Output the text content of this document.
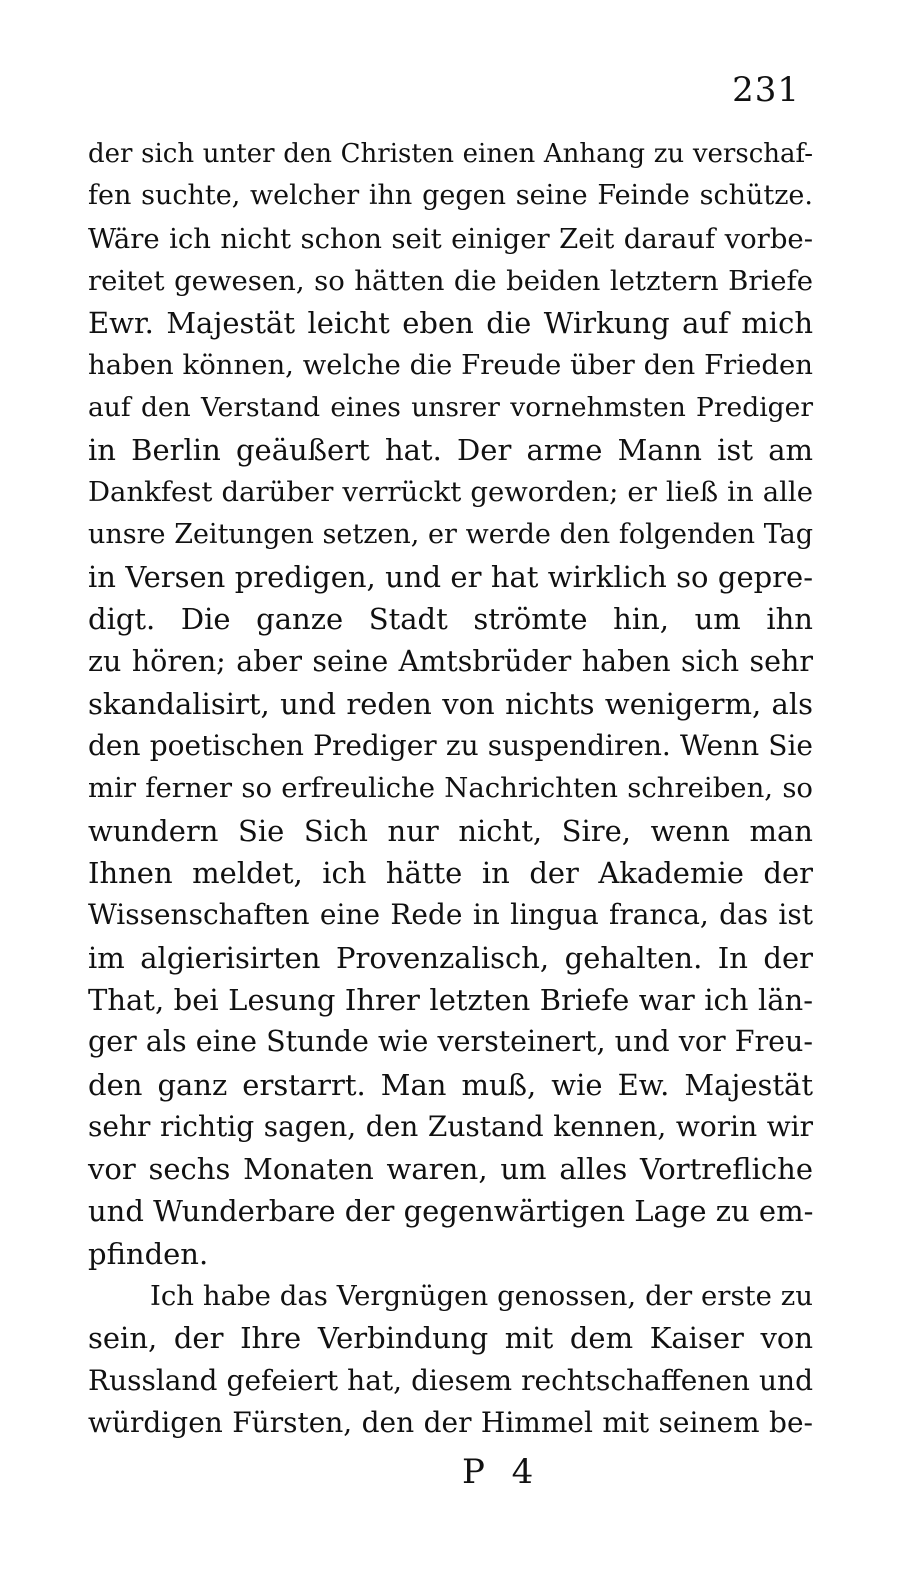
231
der sich unter den Christen einen Anhang zu verschaf-
fen suchte, welcher ihn gegen seine Feinde schütze.
Wäre ich nicht schon seit einiger Zeit darauf vorbe-
reitet gewesen, so hätten die beiden letztern Briefe
Ewr. Majestät leicht eben die Wirkung auf mich
haben können, welche die Freude über den Frieden
auf den Verstand eines unsrer vornehmsten Prediger
in Berlin geäußert hat. Der arme Mann ist am
Dankfest darüber verrückt geworden; er ließ in alle
unsre Zeitungen setzen, er werde den folgenden Tag
in Versen predigen, und er hat wirklich so gepre-
digt. Die ganze Stadt strömte hin, um ihn
zu hören; aber seine Amtsbrüder haben sich sehr
skandalisirt, und reden von nichts wenigerm, als
den poetischen Prediger zu suspendiren. Wenn Sie
mir ferner so erfreuliche Nachrichten schreiben, so
wundern Sie Sich nur nicht, Sire, wenn man
Ihnen meldet, ich hätte in der Akademie der
Wissenschaften eine Rede in lingua franca, das ist
im algierisirten Provenzalisch, gehalten. In der
That, bei Lesung Ihrer letzten Briefe war ich län-
ger als eine Stunde wie versteinert, und vor Freu-
den ganz erstarrt. Man muß, wie Ew. Majestät
sehr richtig sagen, den Zustand kennen, worin wir
vor sechs Monaten waren, um alles Vortrefliche
und Wunderbare der gegenwärtigen Lage zu em-
pfinden.
Ich habe das Vergnügen genossen, der erste zu
sein, der Ihre Verbindung mit dem Kaiser von
Russland gefeiert hat, diesem rechtschaffenen und
würdigen Fürsten, den der Himmel mit seinem be-
P 4
